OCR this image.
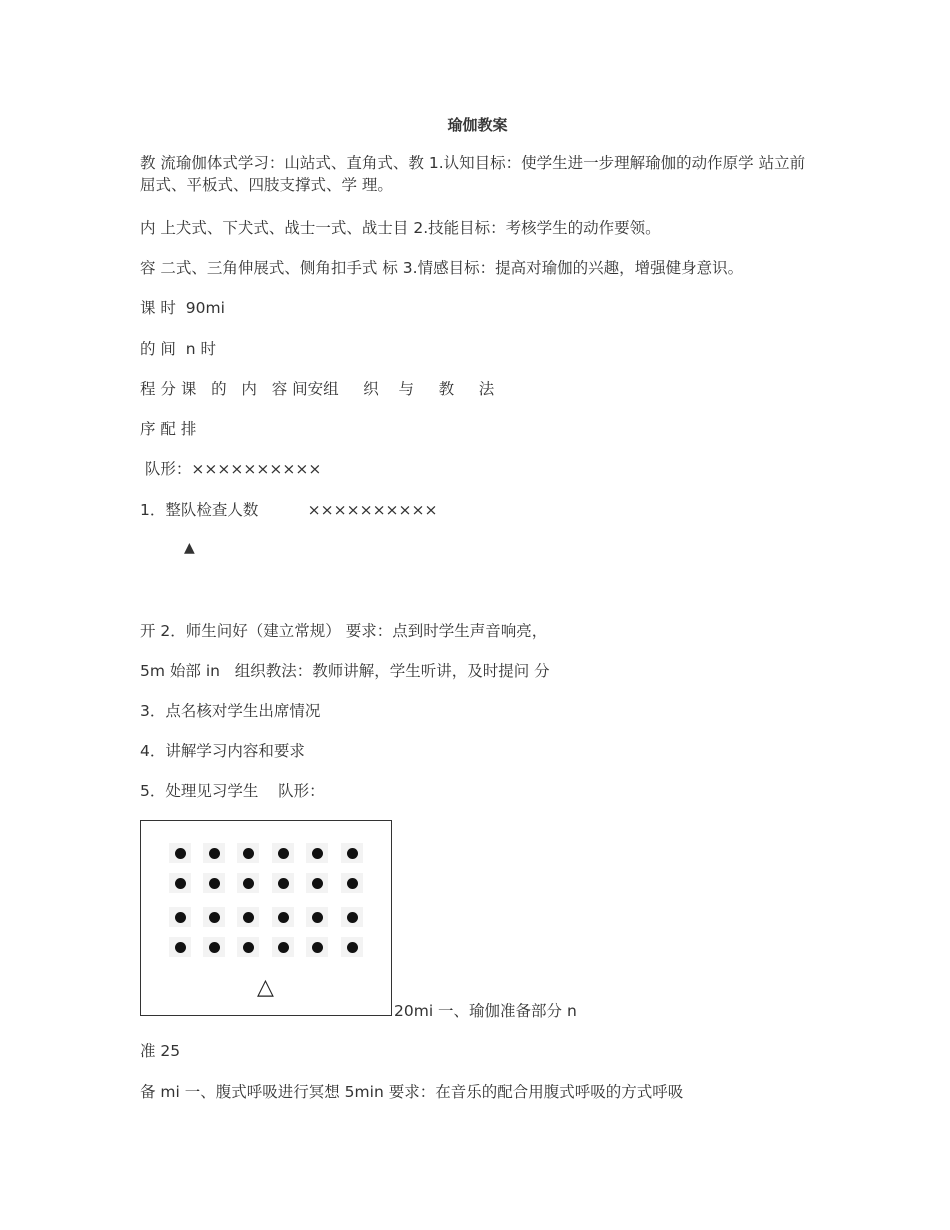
瑜伽教案
教 流瑜伽体式学习：山站式、直角式、教 1.认知目标：使学生进一步理解瑜伽的动作原学 站立前屈式、平板式、四肢支撑式、学 理。
内 上犬式、下犬式、战士一式、战士目 2.技能目标：考核学生的动作要领。
容 二式、三角伸展式、侧角扣手式 标 3.情感目标：提高对瑜伽的兴趣，增强健身意识。
课 时  90mi
的 间  n 时
程 分 课   的   内   容 间安组     织    与     教     法
序 配 排
队形：××××××××××
1．整队检查人数          ××××××××××
▲
开 2．师生问好（建立常规） 要求：点到时学生声音响亮，
5m 始部 in   组织教法：教师讲解，学生听讲，及时提问 分
3．点名核对学生出席情况
4．讲解学习内容和要求
5．处理见习学生    队形：
△
20mi 一、瑜伽准备部分 n
准 25
备 mi 一、腹式呼吸进行冥想 5min 要求：在音乐的配合用腹式呼吸的方式呼吸
